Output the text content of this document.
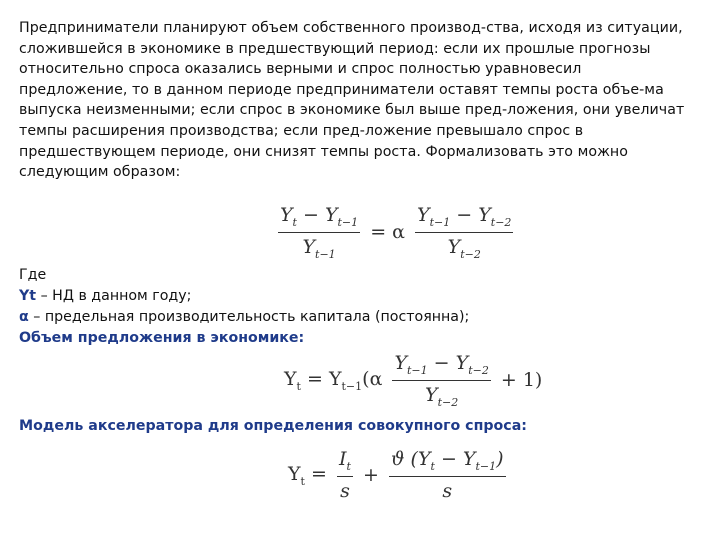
Предприниматели планируют объем собственного производ-ства, исходя из ситуации,
сложившейся в экономике в предшествующий период: если их прошлые прогнозы
относительно спроса оказались верными и спрос полностью уравновесил
предложение, то в данном периоде предприниматели оставят темпы роста объе-ма
выпуска неизменными; если спрос в экономике был выше пред-ложения, они увеличат
темпы расширения производства; если пред-ложение превышало спрос в
предшествующем периоде, они снизят темпы роста. Формализовать это можно
следующим образом:
$\frac{Y_t - Y_{t-1}}{Y_{t-1}} = \alpha \frac{Y_{t-1} - Y_{t-2}}{Y_{t-2}}$
Где
Yt – НД в данном году;
α – предельная производительность капитала (постоянна);
Объем предложения в экономике:
$Y_t = Y_{t-1}(\alpha \frac{Y_{t-1} - Y_{t-2}}{Y_{t-2}} + 1)$
Модель акселератора для определения совокупного спроса:
$Y_t = \frac{I_t}{s} + \frac{ϑ (Y_t - Y_{t-1})}{s}$
